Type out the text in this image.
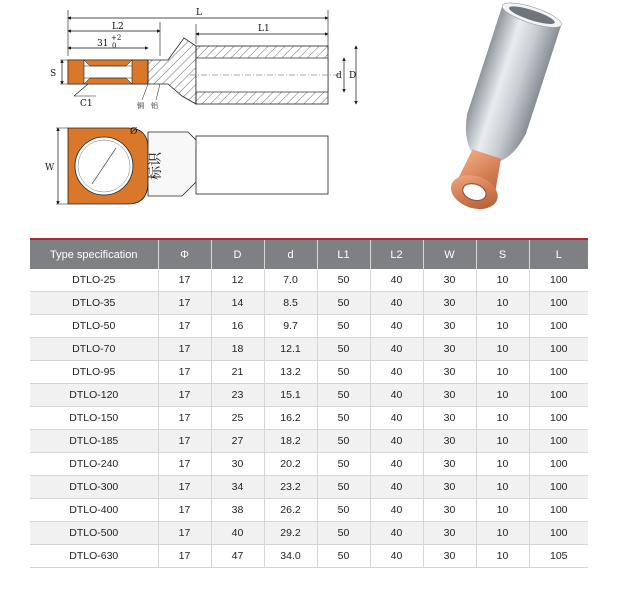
L
L2
31
+2
0
L1
S	d D
C1	铜 铝
Ø
标识
W
Type specification	Φ	D	d	L1	L2	W	S	L
DTLO-25	17	12	7.0	50	40	30	10	100
DTLO-35	17	14	8.5	50	40	30	10	100
DTLO-50	17	16	9.7	50	40	30	10	100
DTLO-70	17	18	12.1	50	40	30	10	100
DTLO-95	17	21	13.2	50	40	30	10	100
DTLO-120	17	23	15.1	50	40	30	10	100
DTLO-150	17	25	16.2	50	40	30	10	100
DTLO-185	17	27	18.2	50	40	30	10	100
DTLO-240	17	30	20.2	50	40	30	10	100
DTLO-300	17	34	23.2	50	40	30	10	100
DTLO-400	17	38	26.2	50	40	30	10	100
DTLO-500	17	40	29.2	50	40	30	10	100
DTLO-630	17	47	34.0	50	40	30	10	105
